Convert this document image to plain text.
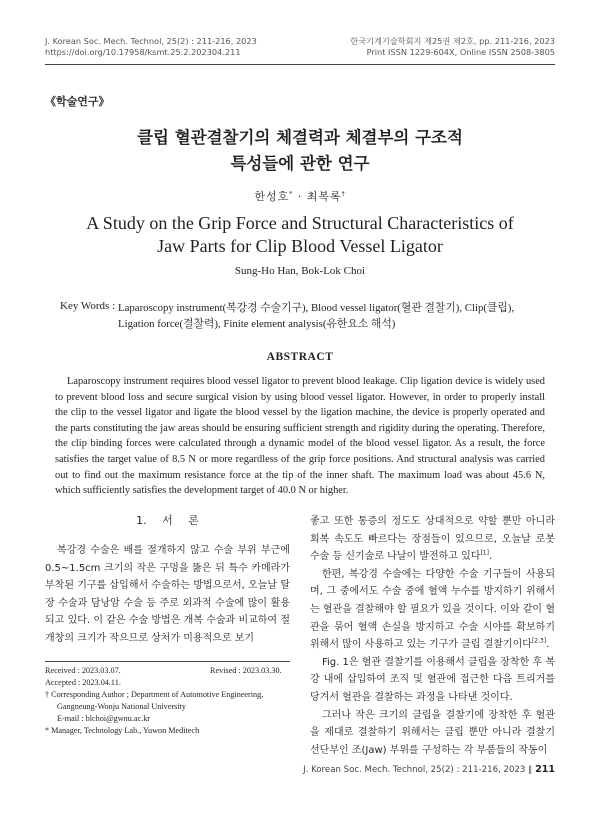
J. Korean Soc. Mech. Technol, 25(2) : 211-216, 2023
https://doi.org/10.17958/ksmt.25.2.202304.211
한국기계기술학회지 제25권 제2호, pp. 211-216, 2023
Print ISSN 1229-604X, Online ISSN 2508-3805
《학술연구》
클립 혈관결찰기의 체결력과 체결부의 구조적
특성들에 관한 연구
한성호* · 최복록†
A Study on the Grip Force and Structural Characteristics of
Jaw Parts for Clip Blood Vessel Ligator
Sung-Ho Han, Bok-Lok Choi
Key Words : Laparoscopy instrument(복강경 수술기구), Blood vessel ligator(혈관 결찰기), Clip(클립), Ligation force(결찰력), Finite element analysis(유한요소 해석)
ABSTRACT
Laparoscopy instrument requires blood vessel ligator to prevent blood leakage. Clip ligation device is widely used to prevent blood loss and secure surgical vision by using blood vessel ligator. However, in order to properly install the clip to the vessel ligator and ligate the blood vessel by the ligation machine, the device is properly operated and the parts constituting the jaw areas should be ensuring sufficient strength and rigidity during the operating. Therefore, the clip binding forces were calculated through a dynamic model of the blood vessel ligator. As a result, the force satisfies the target value of 8.5 N or more regardless of the grip force positions. And structural analysis was carried out to find out the maximum resistance force at the tip of the inner shaft. The maximum load was about 45.6 N, which sufficiently satisfies the development target of 40.0 N or higher.
1. 서 론

복강경 수술은 배를 절개하지 않고 수술 부위 부근에 0.5~1.5cm 크기의 작은 구멍을 뚫은 뒤 특수 카메라가 부착된 기구를 삽입해서 수술하는 방법으로서, 오늘날 탈장 수술과 담낭암 수술 등 주로 외과적 수술에 많이 활용되고 있다. 이 같은 수술 방법은 개복 수술과 비교하여 절개창의 크기가 작으므로 상처가 미용적으로 보기

좋고 또한 통증의 정도도 상대적으로 약할 뿐만 아니라 회복 속도도 빠르다는 장점들이 있으므로, 오늘날 로봇 수술 등 신기술로 나날이 발전하고 있다[1].

한편, 복강경 수술에는 다양한 수술 기구들이 사용되며, 그 중에서도 수술 중에 혈액 누수를 방지하기 위해서는 혈관을 결찰해야 할 필요가 있을 것이다. 이와 같이 혈관을 묶어 혈액 손실을 방지하고 수술 시야를 확보하기 위해서 많이 사용하고 있는 기구가 클립 결찰기이다[2,3].

Fig. 1은 혈관 결찰기를 이용해서 클립을 장착한 후 복강 내에 삽입하여 조직 및 혈관에 접근한 다음 트리거를 당겨서 혈관을 결찰하는 과정을 나타낸 것이다.

그러나 작은 크기의 클립을 결찰기에 장착한 후 혈관을 제대로 결찰하기 위해서는 클립 뿐만 아니라 결찰기 선단부인 조(Jaw) 부위를 구성하는 각 부품들의 작동이

Received : 2023.03.07.	Revised : 2023.03.30.
Accepted : 2023.04.11.
† Corresponding Author ; Department of Automotive Engineering,
Gangneung-Wonju National University
E-mail : blchoi@gwnu.ac.kr
* Manager, Technology Lab., Yuwon Meditech
J. Korean Soc. Mech. Technol, 25(2) : 211-216, 2023 ∥ 211
